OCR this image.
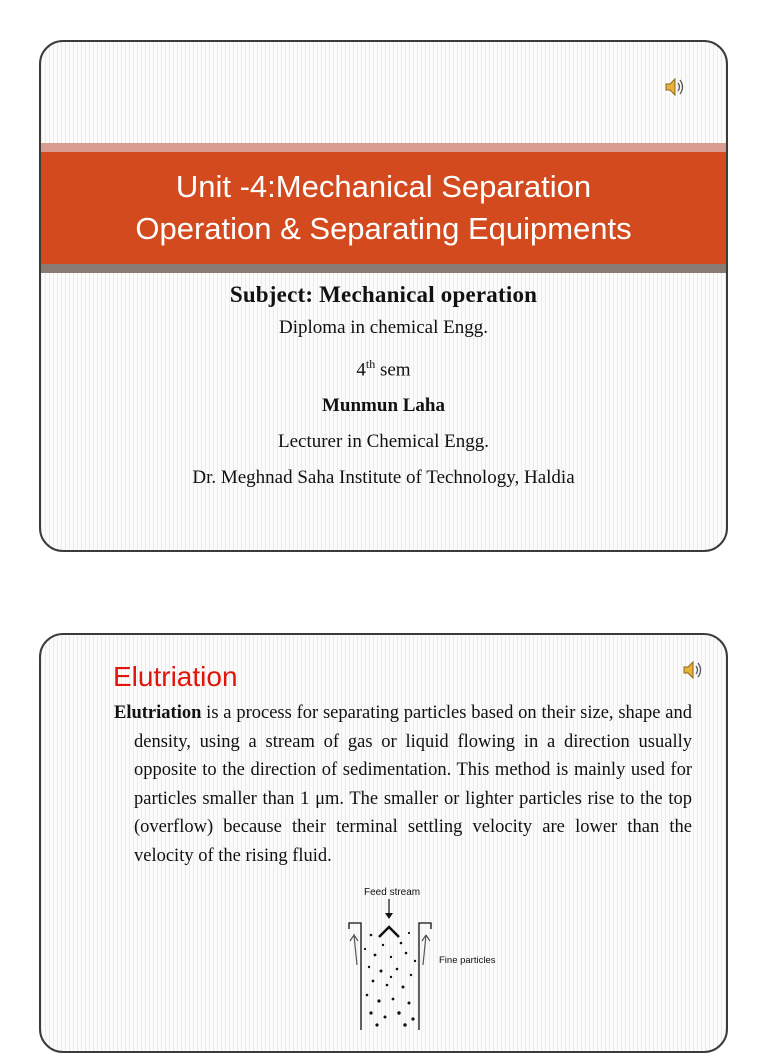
Unit -4:Mechanical Separation
Operation & Separating Equipments
Subject: Mechanical operation
Diploma in chemical Engg.
4th sem
Munmun Laha
Lecturer in Chemical Engg.
Dr. Meghnad Saha Institute of Technology, Haldia
Elutriation
Elutriation is a process for separating particles based on their size, shape and density, using a stream of gas or liquid flowing in a direction usually opposite to the direction of sedimentation. This method is mainly used for particles smaller than 1 μm. The smaller or lighter particles rise to the top (overflow) because their terminal settling velocity are lower than the velocity of the rising fluid.
Feed stream
Fine particles
